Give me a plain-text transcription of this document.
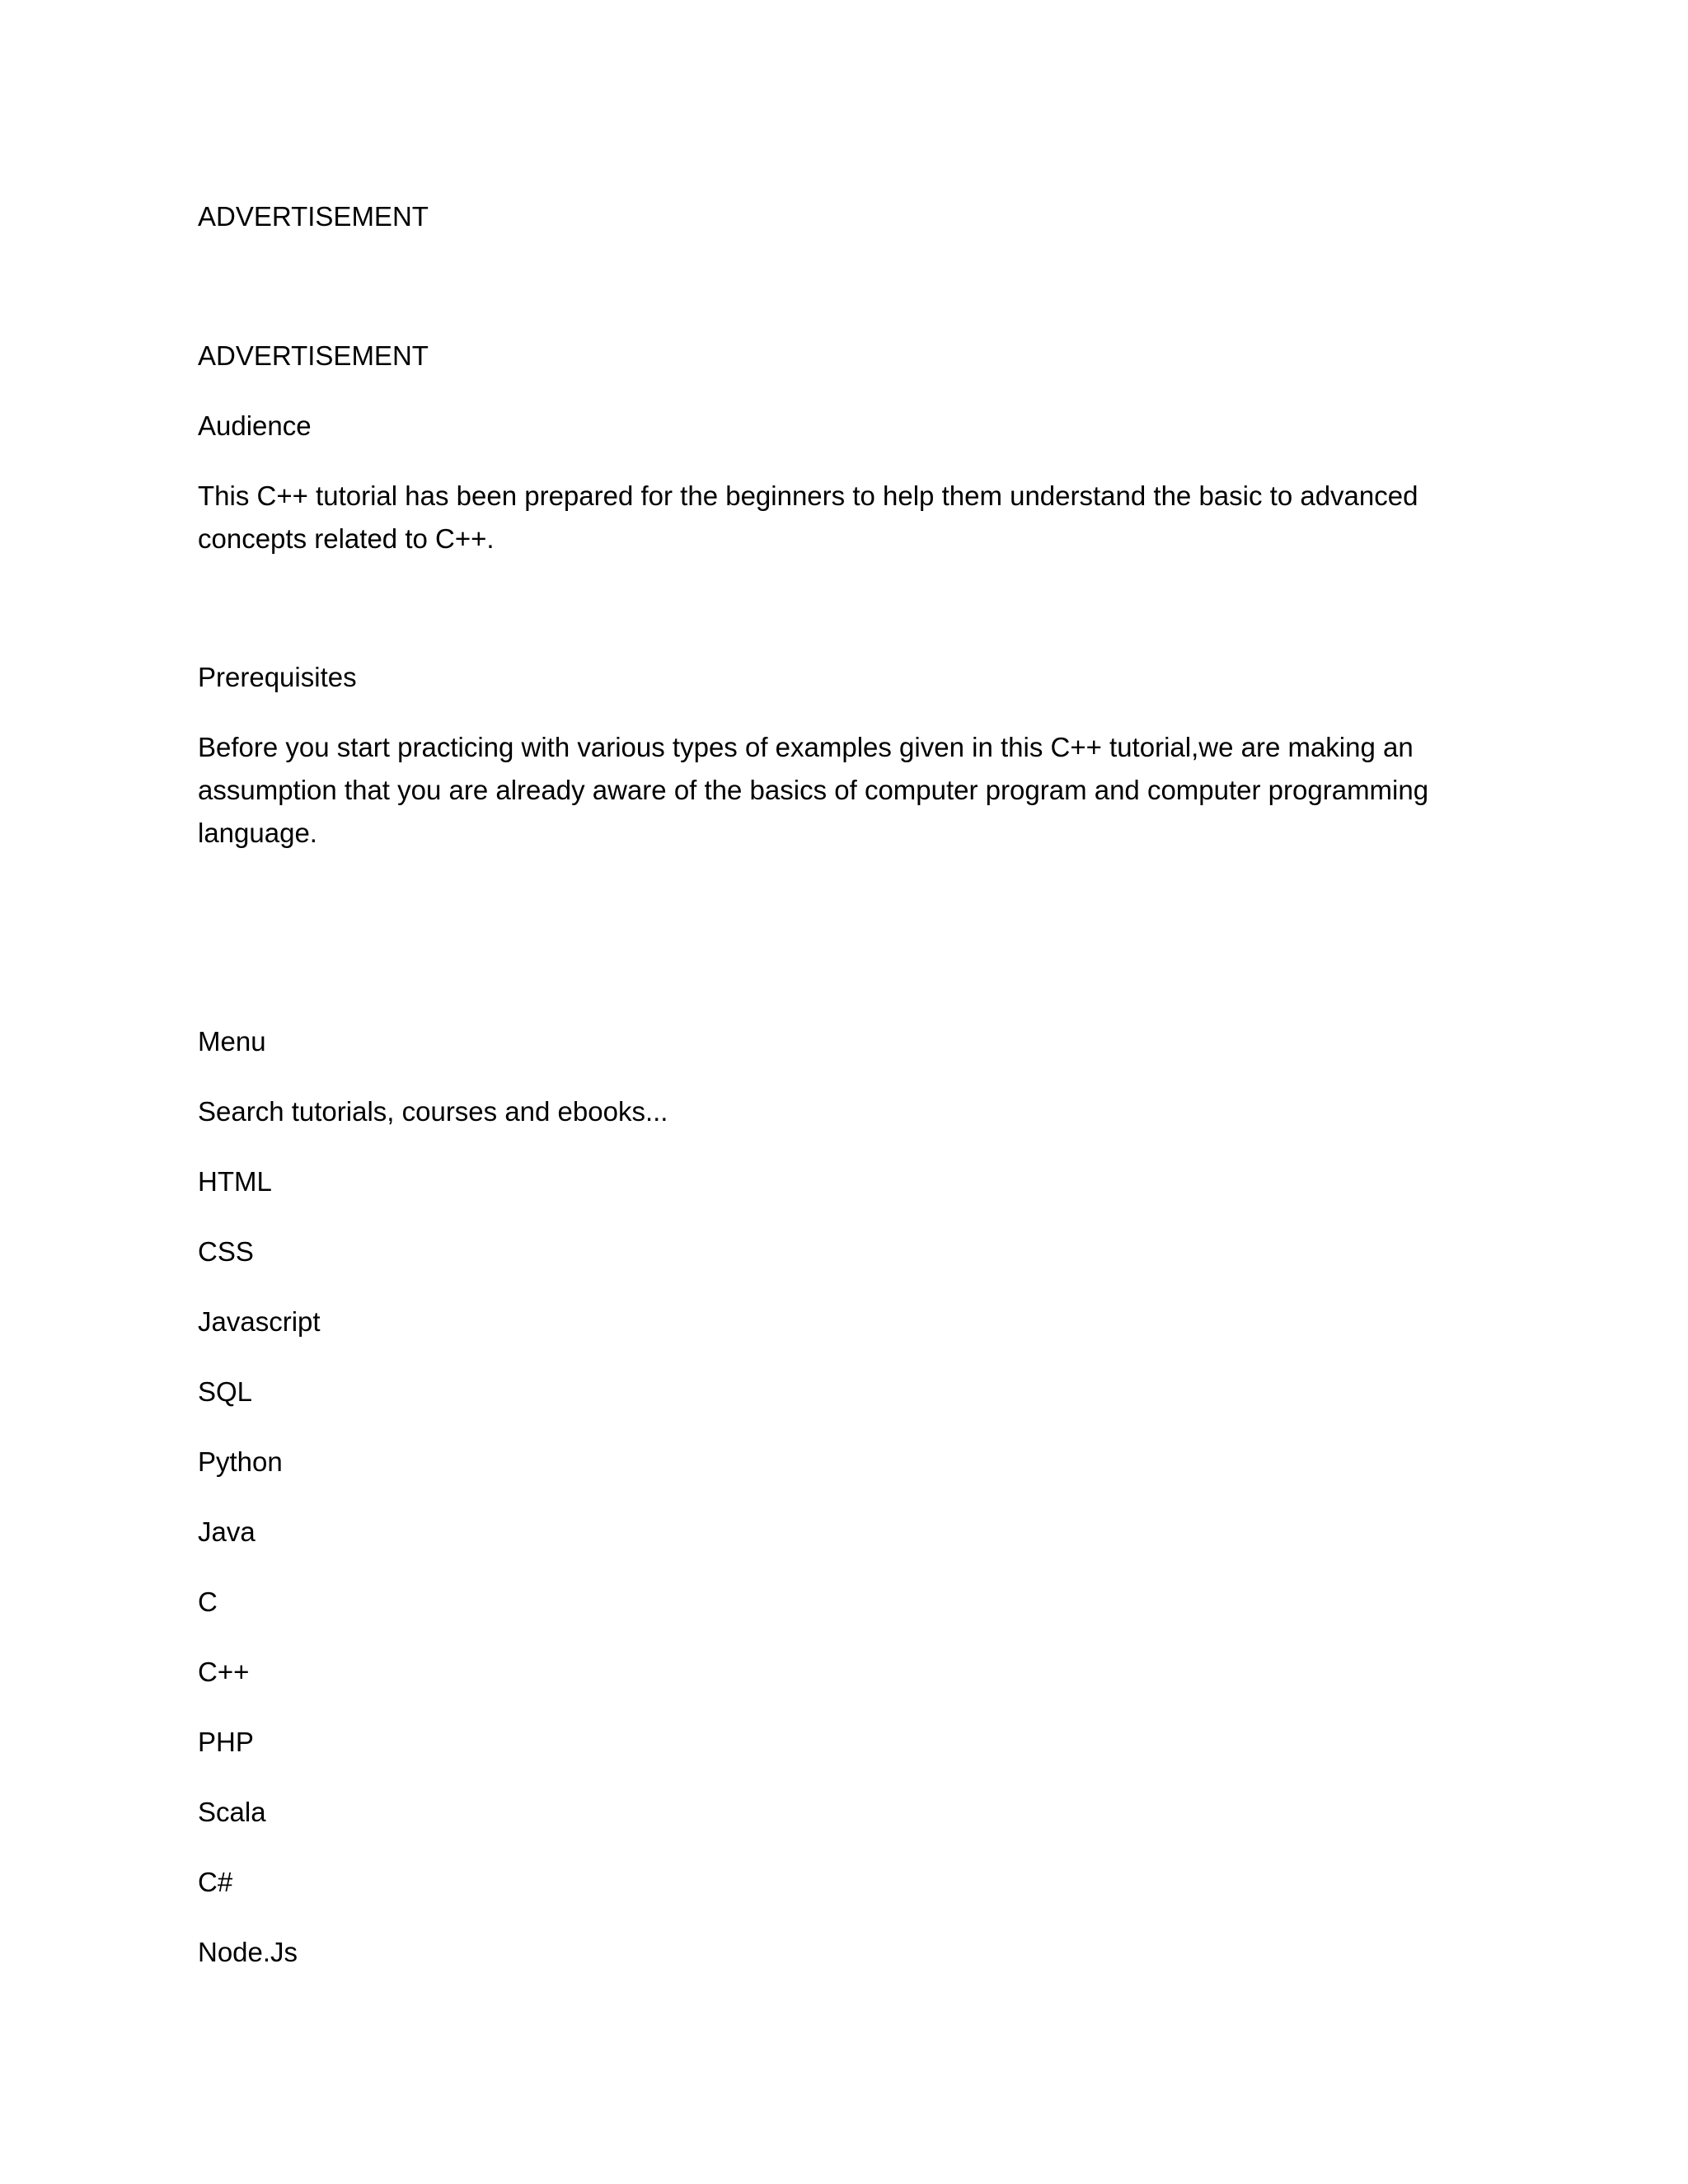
ADVERTISEMENT

ADVERTISEMENT

Audience

This C++ tutorial has been prepared for the beginners to help them understand the basic to advanced
concepts related to C++.

Prerequisites

Before you start practicing with various types of examples given in this C++ tutorial,we are making an
assumption that you are already aware of the basics of computer program and computer programming
language.

Menu

Search tutorials, courses and ebooks...

HTML

CSS

Javascript

SQL

Python

Java

C

C++

PHP

Scala

C#

Node.Js
